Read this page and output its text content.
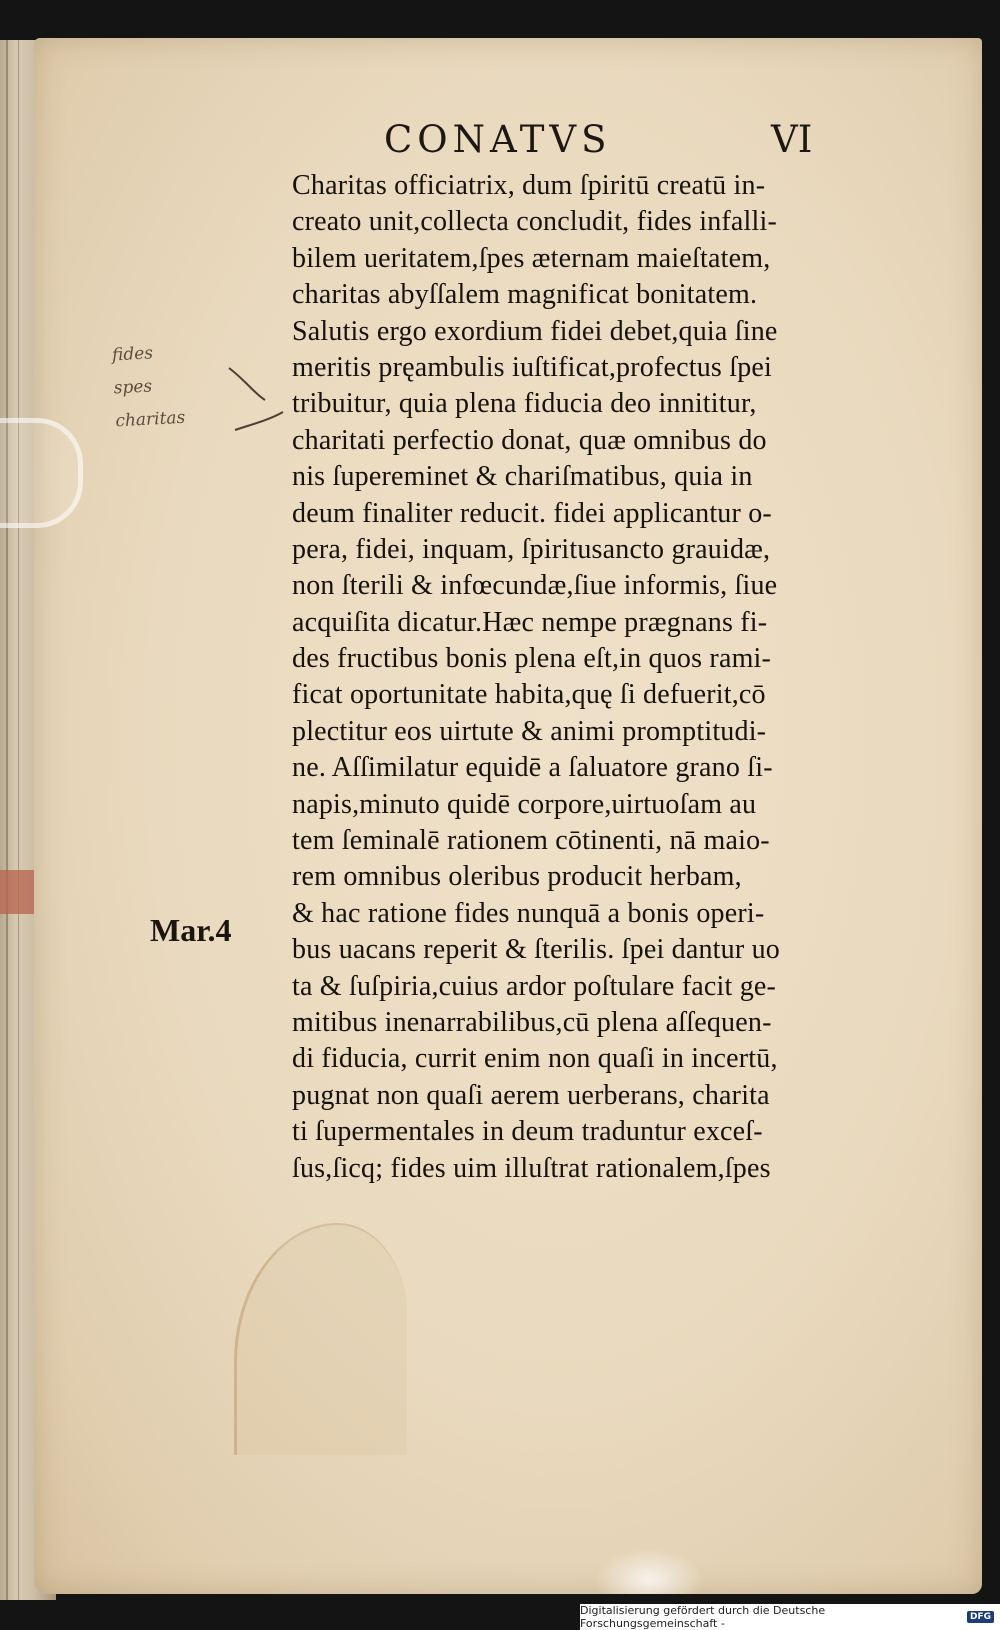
CONATVS	VI
fides
spes
charitas
Mar.4
Charitas officiatrix, dum ſpiritū creatū in-
creato unit,collecta concludit, fides infalli-
bilem ueritatem,ſpes æternam maieſtatem,
charitas abyſſalem magnificat bonitatem.
Salutis ergo exordium fidei debet,quia ſine
meritis pręambulis iuſtificat,profectus ſpei
tribuitur, quia plena fiducia deo innititur,
charitati perfectio donat, quæ omnibus do
nis ſupereminet & chariſmatibus, quia in
deum finaliter reducit. fidei applicantur o-
pera, fidei, inquam, ſpiritusancto grauidæ,
non ſterili & infœcundæ,ſiue informis, ſiue
acquiſita dicatur.Hæc nempe prægnans fi-
des fructibus bonis plena eſt,in quos rami-
ficat oportunitate habita,quę ſi defuerit,cō
plectitur eos uirtute & animi promptitudi-
ne. Aſſimilatur equidē a ſaluatore grano ſi-
napis,minuto quidē corpore,uirtuoſam au
tem ſeminalē rationem cōtinenti, nā maio-
rem omnibus oleribus producit herbam,
& hac ratione fides nunquā a bonis operi-
bus uacans reperit & ſterilis. ſpei dantur uo
ta & ſuſpiria,cuius ardor poſtulare facit ge-
mitibus inenarrabilibus,cū plena aſſequen-
di fiducia, currit enim non quaſi in incertū,
pugnat non quaſi aerem uerberans, charita
ti ſupermentales in deum traduntur exceſ-
ſus,ſicq; fides uim illuſtrat rationalem,ſpes
Digitalisierung gefördert durch die Deutsche Forschungsgemeinschaft -	DFG
